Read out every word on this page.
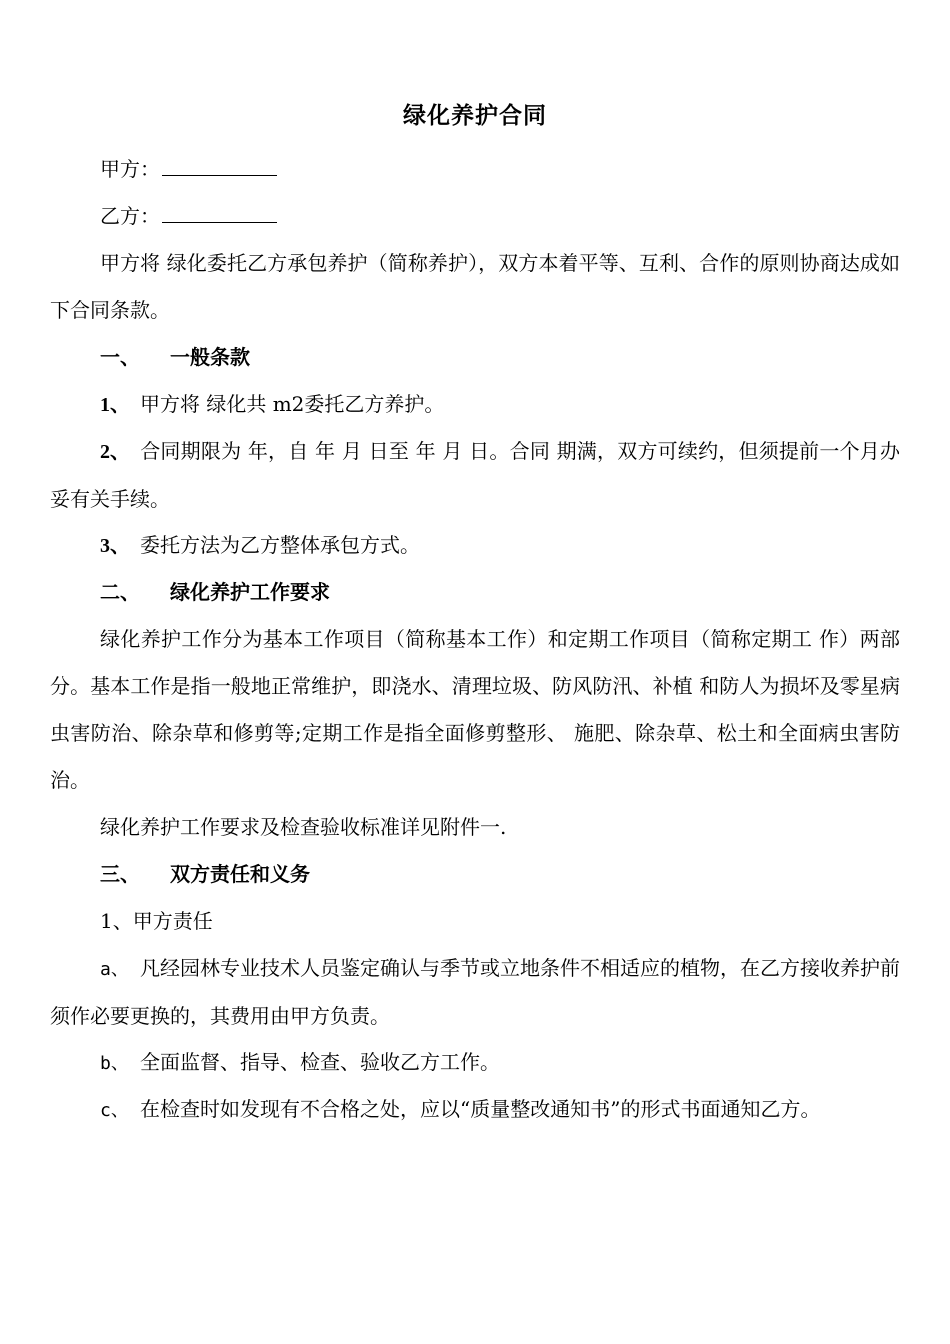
绿化养护合同

甲方：

乙方：

甲方将 绿化委托乙方承包养护（简称养护），双方本着平等、互利、合作的原则协商达成如下合同条款。

一、 一般条款

1、 甲方将 绿化共 m2委托乙方养护。

2、 合同期限为 年，自 年 月 日至 年 月 日。合同 期满，双方可续约，但须提前一个月办妥有关手续。

3、 委托方法为乙方整体承包方式。

二、 绿化养护工作要求

绿化养护工作分为基本工作项目（简称基本工作）和定期工作项目（简称定期工 作）两部分。基本工作是指一般地正常维护，即浇水、清理垃圾、防风防汛、补植 和防人为损坏及零星病虫害防治、除杂草和修剪等;定期工作是指全面修剪整形、 施肥、除杂草、松土和全面病虫害防治。

绿化养护工作要求及检查验收标准详见附件一.

三、 双方责任和义务

1、甲方责任

a、 凡经园林专业技术人员鉴定确认与季节或立地条件不相适应的植物，在乙方接收养护前须作必要更换的，其费用由甲方负责。

b、 全面监督、指导、检查、验收乙方工作。

c、 在检查时如发现有不合格之处，应以“质量整改通知书”的形式书面通知乙方。
